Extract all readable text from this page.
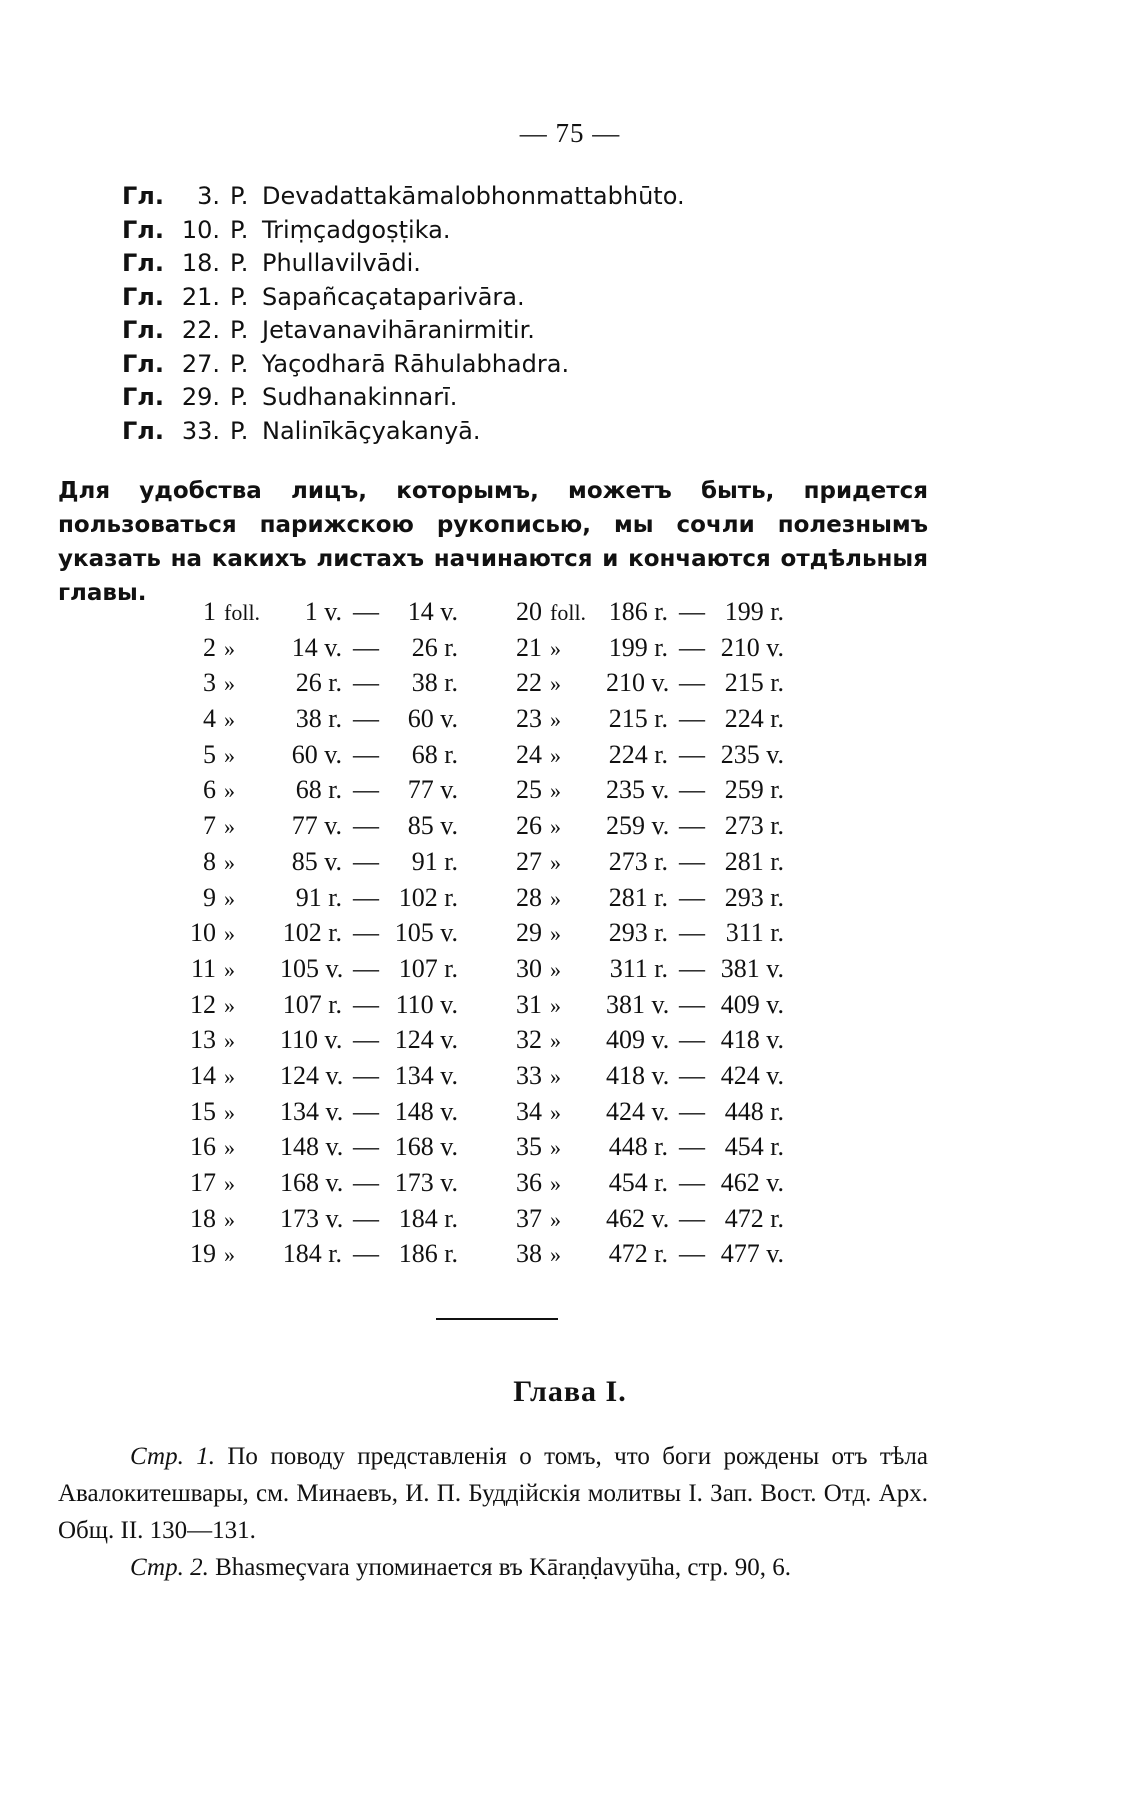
— 75 —
Гл.	3. P. Devadattakāmalobhonmattabhūto.
Гл. 10. P. Triṃçadgoṣṭika.
Гл. 18. P. Phullavilvādi.
Гл. 21. P. Sapañcaçataparivāra.
Гл. 22. P. Jetavanavihāranirmitir.
Гл. 27. P. Yaçodharā Rāhulabhadra.
Гл. 29. P. Sudhanakinnarī.
Гл. 33. P. Nalinīkāçyakanyā.
Для удобства лицъ, которымъ, можетъ быть, придется пользоваться парижскою рукописью, мы сочли полезнымъ указать на какихъ листахъ начинаются и кончаются отдѣльныя главы.
1 foll.	1 v. —	14 v.
2 »	14 v. —	26 r.
3 »	26 r. —	38 r.
4 »	38 r. —	60 v.
5 »	60 v. —	68 r.
6 »	68 r. —	77 v.
7 »	77 v. —	85 v.
8 »	85 v. —	91 r.
9 »	91 r. — 102 r.
10 »	102 r. — 105 v.
11 »	105 v. — 107 r.
12 »	107 r. — 110 v.
13 »	110 v. — 124 v.
14 »	124 v. — 134 v.
15 »	134 v. — 148 v.
16 »	148 v. — 168 v.
17 »	168 v. — 173 v.
18 »	173 v. — 184 r.
19 »	184 r. — 186 r.
20 foll. 186 r. — 199 r.
21 »	199 r. — 210 v.
22 »	210 v. — 215 r.
23 »	215 r. — 224 r.
24 »	224 r. — 235 v.
25 »	235 v. — 259 r.
26 »	259 v. — 273 r.
27 »	273 r. — 281 r.
28 »	281 r. — 293 r.
29 »	293 r. — 311 r.
30 »	311 r. — 381 v.
31 »	381 v. — 409 v.
32 »	409 v. — 418 v.
33 »	418 v. — 424 v.
34 »	424 v. — 448 r.
35 »	448 r. — 454 r.
36 »	454 r. — 462 v.
37 »	462 v. — 472 r.
38 »	472 r. — 477 v.
Глава I.
Стр. 1. По поводу представленія о томъ, что боги рождены отъ тѣла Авалокитешвары, см. Минаевъ, И. П. Буддійскія молитвы I. Зап. Вост. Отд. Арх. Общ. II. 130—131.
Стр. 2. Bhasmeçvara упоминается въ Kāraṇḍavyūha, стр. 90, 6.
